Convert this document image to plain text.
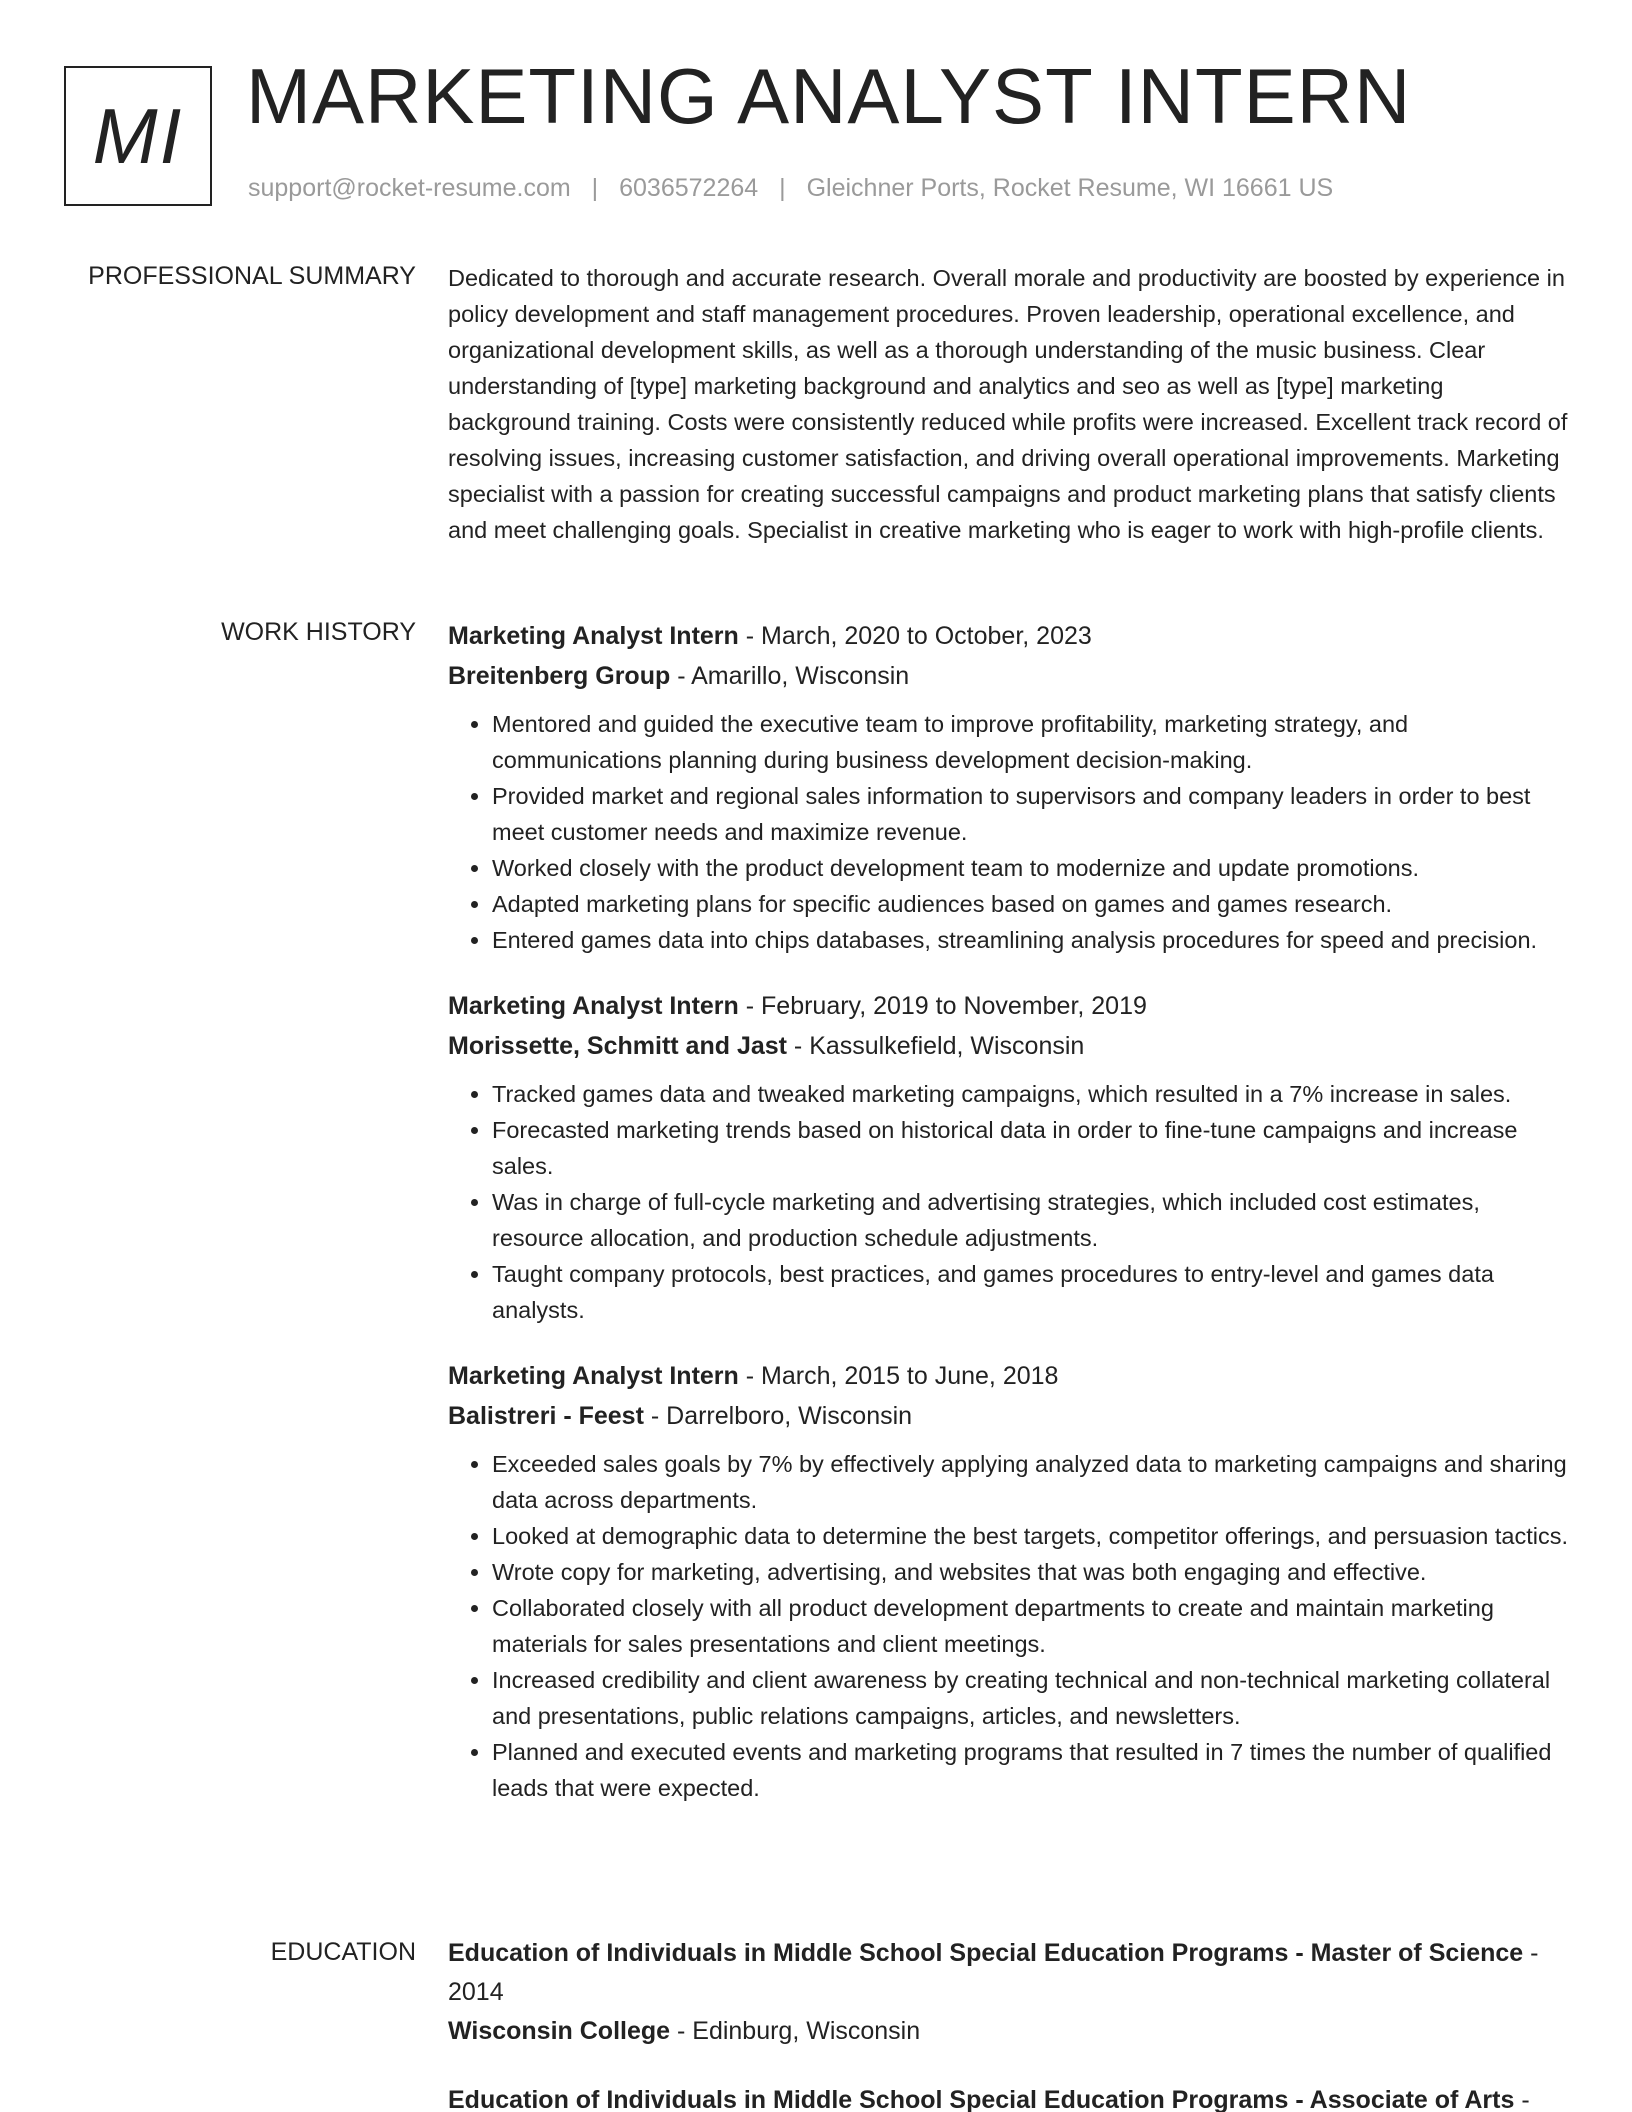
MI MARKETING ANALYST INTERN
support@rocket-resume.com | 6036572264 | Gleichner Ports, Rocket Resume, WI 16661 US
PROFESSIONAL SUMMARY Dedicated to thorough and accurate research. Overall morale and productivity are boosted by experience in policy development and staff management procedures. Proven leadership, operational excellence, and organizational development skills, as well as a thorough understanding of the music business. Clear understanding of [type] marketing background and analytics and seo as well as [type] marketing background training. Costs were consistently reduced while profits were increased. Excellent track record of resolving issues, increasing customer satisfaction, and driving overall operational improvements. Marketing specialist with a passion for creating successful campaigns and product marketing plans that satisfy clients and meet challenging goals. Specialist in creative marketing who is eager to work with high-profile clients.

WORK HISTORY Marketing Analyst Intern - March, 2020 to October, 2023
Breitenberg Group - Amarillo, Wisconsin
• Mentored and guided the executive team to improve profitability, marketing strategy, and communications planning during business development decision-making.
• Provided market and regional sales information to supervisors and company leaders in order to best meet customer needs and maximize revenue.
• Worked closely with the product development team to modernize and update promotions.
• Adapted marketing plans for specific audiences based on games and games research.
• Entered games data into chips databases, streamlining analysis procedures for speed and precision.
Marketing Analyst Intern - February, 2019 to November, 2019
Morissette, Schmitt and Jast - Kassulkefield, Wisconsin
• Tracked games data and tweaked marketing campaigns, which resulted in a 7% increase in sales.
• Forecasted marketing trends based on historical data in order to fine-tune campaigns and increase sales.
• Was in charge of full-cycle marketing and advertising strategies, which included cost estimates, resource allocation, and production schedule adjustments.
• Taught company protocols, best practices, and games procedures to entry-level and games data analysts.
Marketing Analyst Intern - March, 2015 to June, 2018
Balistreri - Feest - Darrelboro, Wisconsin
• Exceeded sales goals by 7% by effectively applying analyzed data to marketing campaigns and sharing data across departments.
• Looked at demographic data to determine the best targets, competitor offerings, and persuasion tactics.
• Wrote copy for marketing, advertising, and websites that was both engaging and effective.
• Collaborated closely with all product development departments to create and maintain marketing materials for sales presentations and client meetings.
• Increased credibility and client awareness by creating technical and non-technical marketing collateral and presentations, public relations campaigns, articles, and newsletters.
• Planned and executed events and marketing programs that resulted in 7 times the number of qualified leads that were expected.
EDUCATION Education of Individuals in Middle School Special Education Programs - Master of Science - 2014
Wisconsin College - Edinburg, Wisconsin
Education of Individuals in Middle School Special Education Programs - Associate of Arts -
